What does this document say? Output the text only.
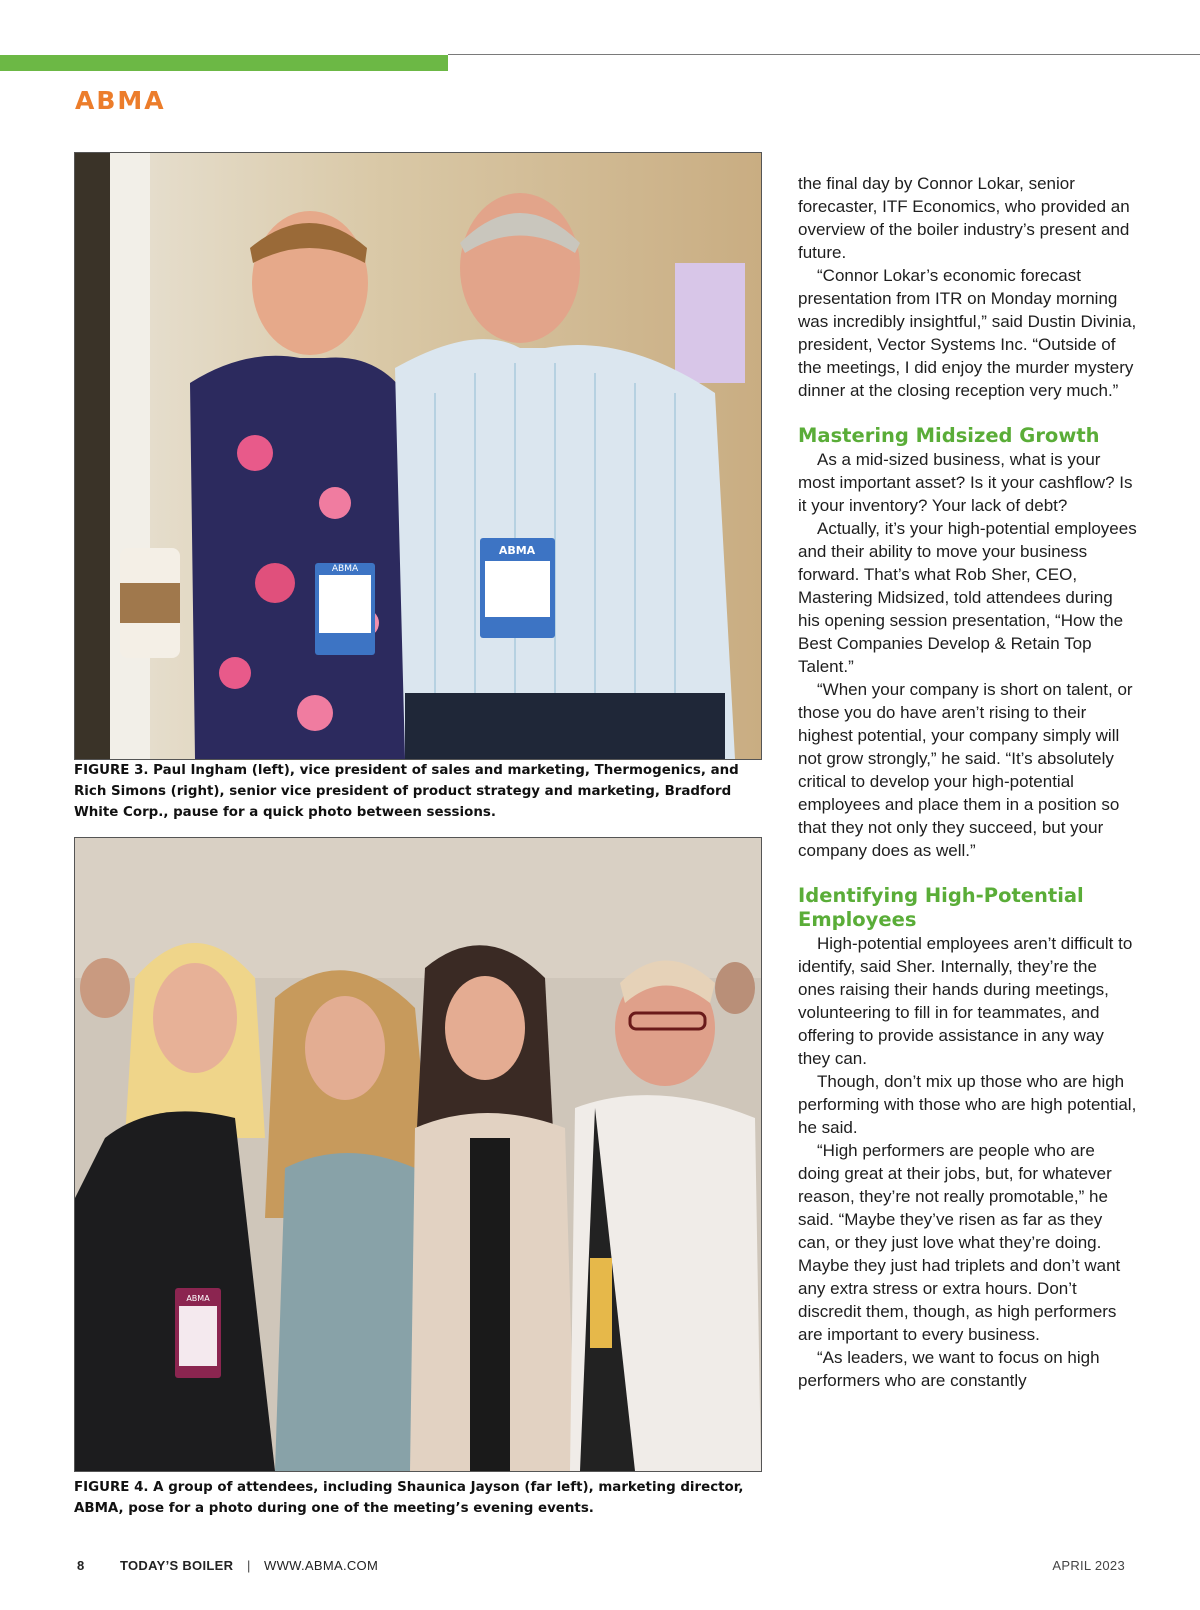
ABMA
ABMA
ABMA
FIGURE 3. Paul Ingham (left), vice president of sales and marketing, Thermogenics, and Rich Simons (right), senior vice president of product strategy and marketing, Bradford White Corp., pause for a quick photo between sessions.
ABMA
FIGURE 4. A group of attendees, including Shaunica Jayson (far left), marketing director, ABMA, pose for a photo during one of the meeting’s evening events.

the final day by Connor Lokar, senior forecaster, ITF Economics, who provided an overview of the boiler industry’s present and future.

“Connor Lokar’s economic forecast presentation from ITR on Monday morning was incredibly insightful,” said Dustin Divinia, president, Vector Systems Inc. “Outside of the meetings, I did enjoy the murder mystery dinner at the closing reception very much.”

Mastering Midsized Growth

As a mid-sized business, what is your most important asset? Is it your cashflow? Is it your inventory? Your lack of debt?

Actually, it’s your high-potential employees and their ability to move your business forward. That’s what Rob Sher, CEO, Mastering Midsized, told attendees during his opening session presentation, “How the Best Companies Develop & Retain Top Talent.”

“When your company is short on talent, or those you do have aren’t rising to their highest potential, your company simply will not grow strongly,” he said. “It’s absolutely critical to develop your high-potential employees and place them in a position so that they not only they succeed, but your company does as well.”

Identifying High-Potential Employees

High-potential employees aren’t difficult to identify, said Sher. Internally, they’re the ones raising their hands during meetings, volunteering to fill in for teammates, and offering to provide assistance in any way they can.

Though, don’t mix up those who are high performing with those who are high potential, he said.

“High performers are people who are doing great at their jobs, but, for whatever reason, they’re not really promotable,” he said. “Maybe they’ve risen as far as they can, or they just love what they’re doing. Maybe they just had triplets and don’t want any extra stress or extra hours. Don’t discredit them, though, as high performers are important to every business.

“As leaders, we want to focus on high performers who are constantly

8	TODAY’S BOILER | WWW.ABMA.COM	APRIL 2023
